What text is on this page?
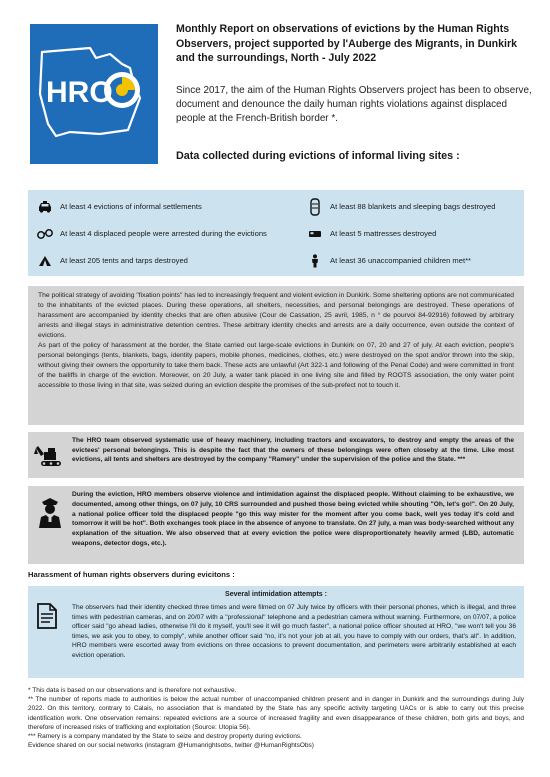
HRO
Monthly Report on observations of evictions by the Human Rights Observers, project supported by l'Auberge des Migrants, in Dunkirk and the surroundings, North - July 2022
Since 2017, the aim of the Human Rights Observers project has been to observe, document and denounce the daily human rights violations against displaced people at the French-British border *.
Data collected during evictions of informal living sites :
At least 4 evictions of informal settlements	At least 88 blankets and sleeping bags destroyed
At least 4 displaced people were arrested during the evictions	At least 5 mattresses destroyed
At least 205 tents and tarps destroyed	At least 36 unaccompanied children met**

The political strategy of avoiding "fixation points" has led to increasingly frequent and violent eviction in Dunkirk. Some sheltering options are not communicated to the inhabitants of the evicted places. During these operations, all shelters, necessities, and personal belongings are destroyed. These operations of harassment are accompanied by identity checks that are often abusive (Cour de Cassation, 25 avril, 1985, n ° de pourvoi 84-92916) followed by arbitrary arrests and illegal stays in administrative detention centres. These arbitrary identity checks and arrests are a daily occurrence, even outside the context of evictions.

As part of the policy of harassment at the border, the State carried out large-scale evictions in Dunkirk on 07, 20 and 27 of july. At each eviction, people's personal belongings (tents, blankets, bags, identity papers, mobile phones, medicines, clothes, etc.) were destroyed on the spot and/or thrown into the skip, without giving their owners the opportunity to take them back. These acts are unlawful (Art 322-1 and following of the Penal Code) and were committed in front of the bailiffs in charge of the eviction. Moreover, on 20 July, a water tank placed in one living site and filled by ROOTS association, the only water point accessible to those living in that site, was seized during an eviction despite the promises of the sub-prefect not to touch it.

The HRO team observed systematic use of heavy machinery, including tractors and excavators, to destroy and empty the areas of the evictees' personal belongings. This is despite the fact that the owners of these belongings were often closeby at the time. Like most evictions, all tents and shelters are destroyed by the company "Ramery" under the supervision of the police and the State. ***
During the eviction, HRO members observe violence and intimidation against the displaced people. Without claiming to be exhaustive, we documented, among other things, on 07 july, 10 CRS surrounded and pushed those being evicted while shouting "Oh, let's go!". On 20 July, a national police officer told the displaced people "go this way mister for the moment after you come back, well yes today it's cold and tomorrow it will be hot". Both exchanges took place in the absence of anyone to translate. On 27 july, a man was body-searched without any explanation of the situation. We also observed that at every eviction the police were disproportionately heavily armed (LBD, automatic weapons, detector dogs, etc.).
Harassment of human rights observers during evicitons :
Several intimidation attempts :
The observers had their identity checked three times and were filmed on 07 July twice by officers with their personal phones, which is illegal, and three times with pedestrian cameras, and on 20/07 with a "professional" telephone and a pedestrian camera without warning. Furthermore, on 07/07, a police officer said "go ahead ladies, otherwise I'll do it myself, you'll see it will go much faster", a national police officer shouted at HRO, "we won't tell you 36 times, we ask you to obey, to comply", while another officer said "no, it's not your job at all, you have to comply with our orders, that's all". In addition, HRO members were escorted away from evictions on three occasions to prevent documentation, and perimeters were arbitrarily established at each eviction operation.
* This data is based on our observations and is therefore not exhaustive.
** The number of reports made to authorities is below the actual number of unaccompanied children present and in danger in Dunkirk and the surroundings during July 2022. On this territory, contrary to Calais, no association that is mandated by the State has any specific activity targeting UACs or is able to carry out this precise identification work. One observation remains: repeated evictions are a source of increased fragility and even disappearance of these children, both girls and boys, and therefore of increased risks of trafficking and exploitation (Source: Utopia 56).
*** Ramery is a company mandated by the State to seize and destroy property during evictions.
Evidence shared on our social networks (instagram @Humanrightsobs, twitter @HumanRightsObs)
